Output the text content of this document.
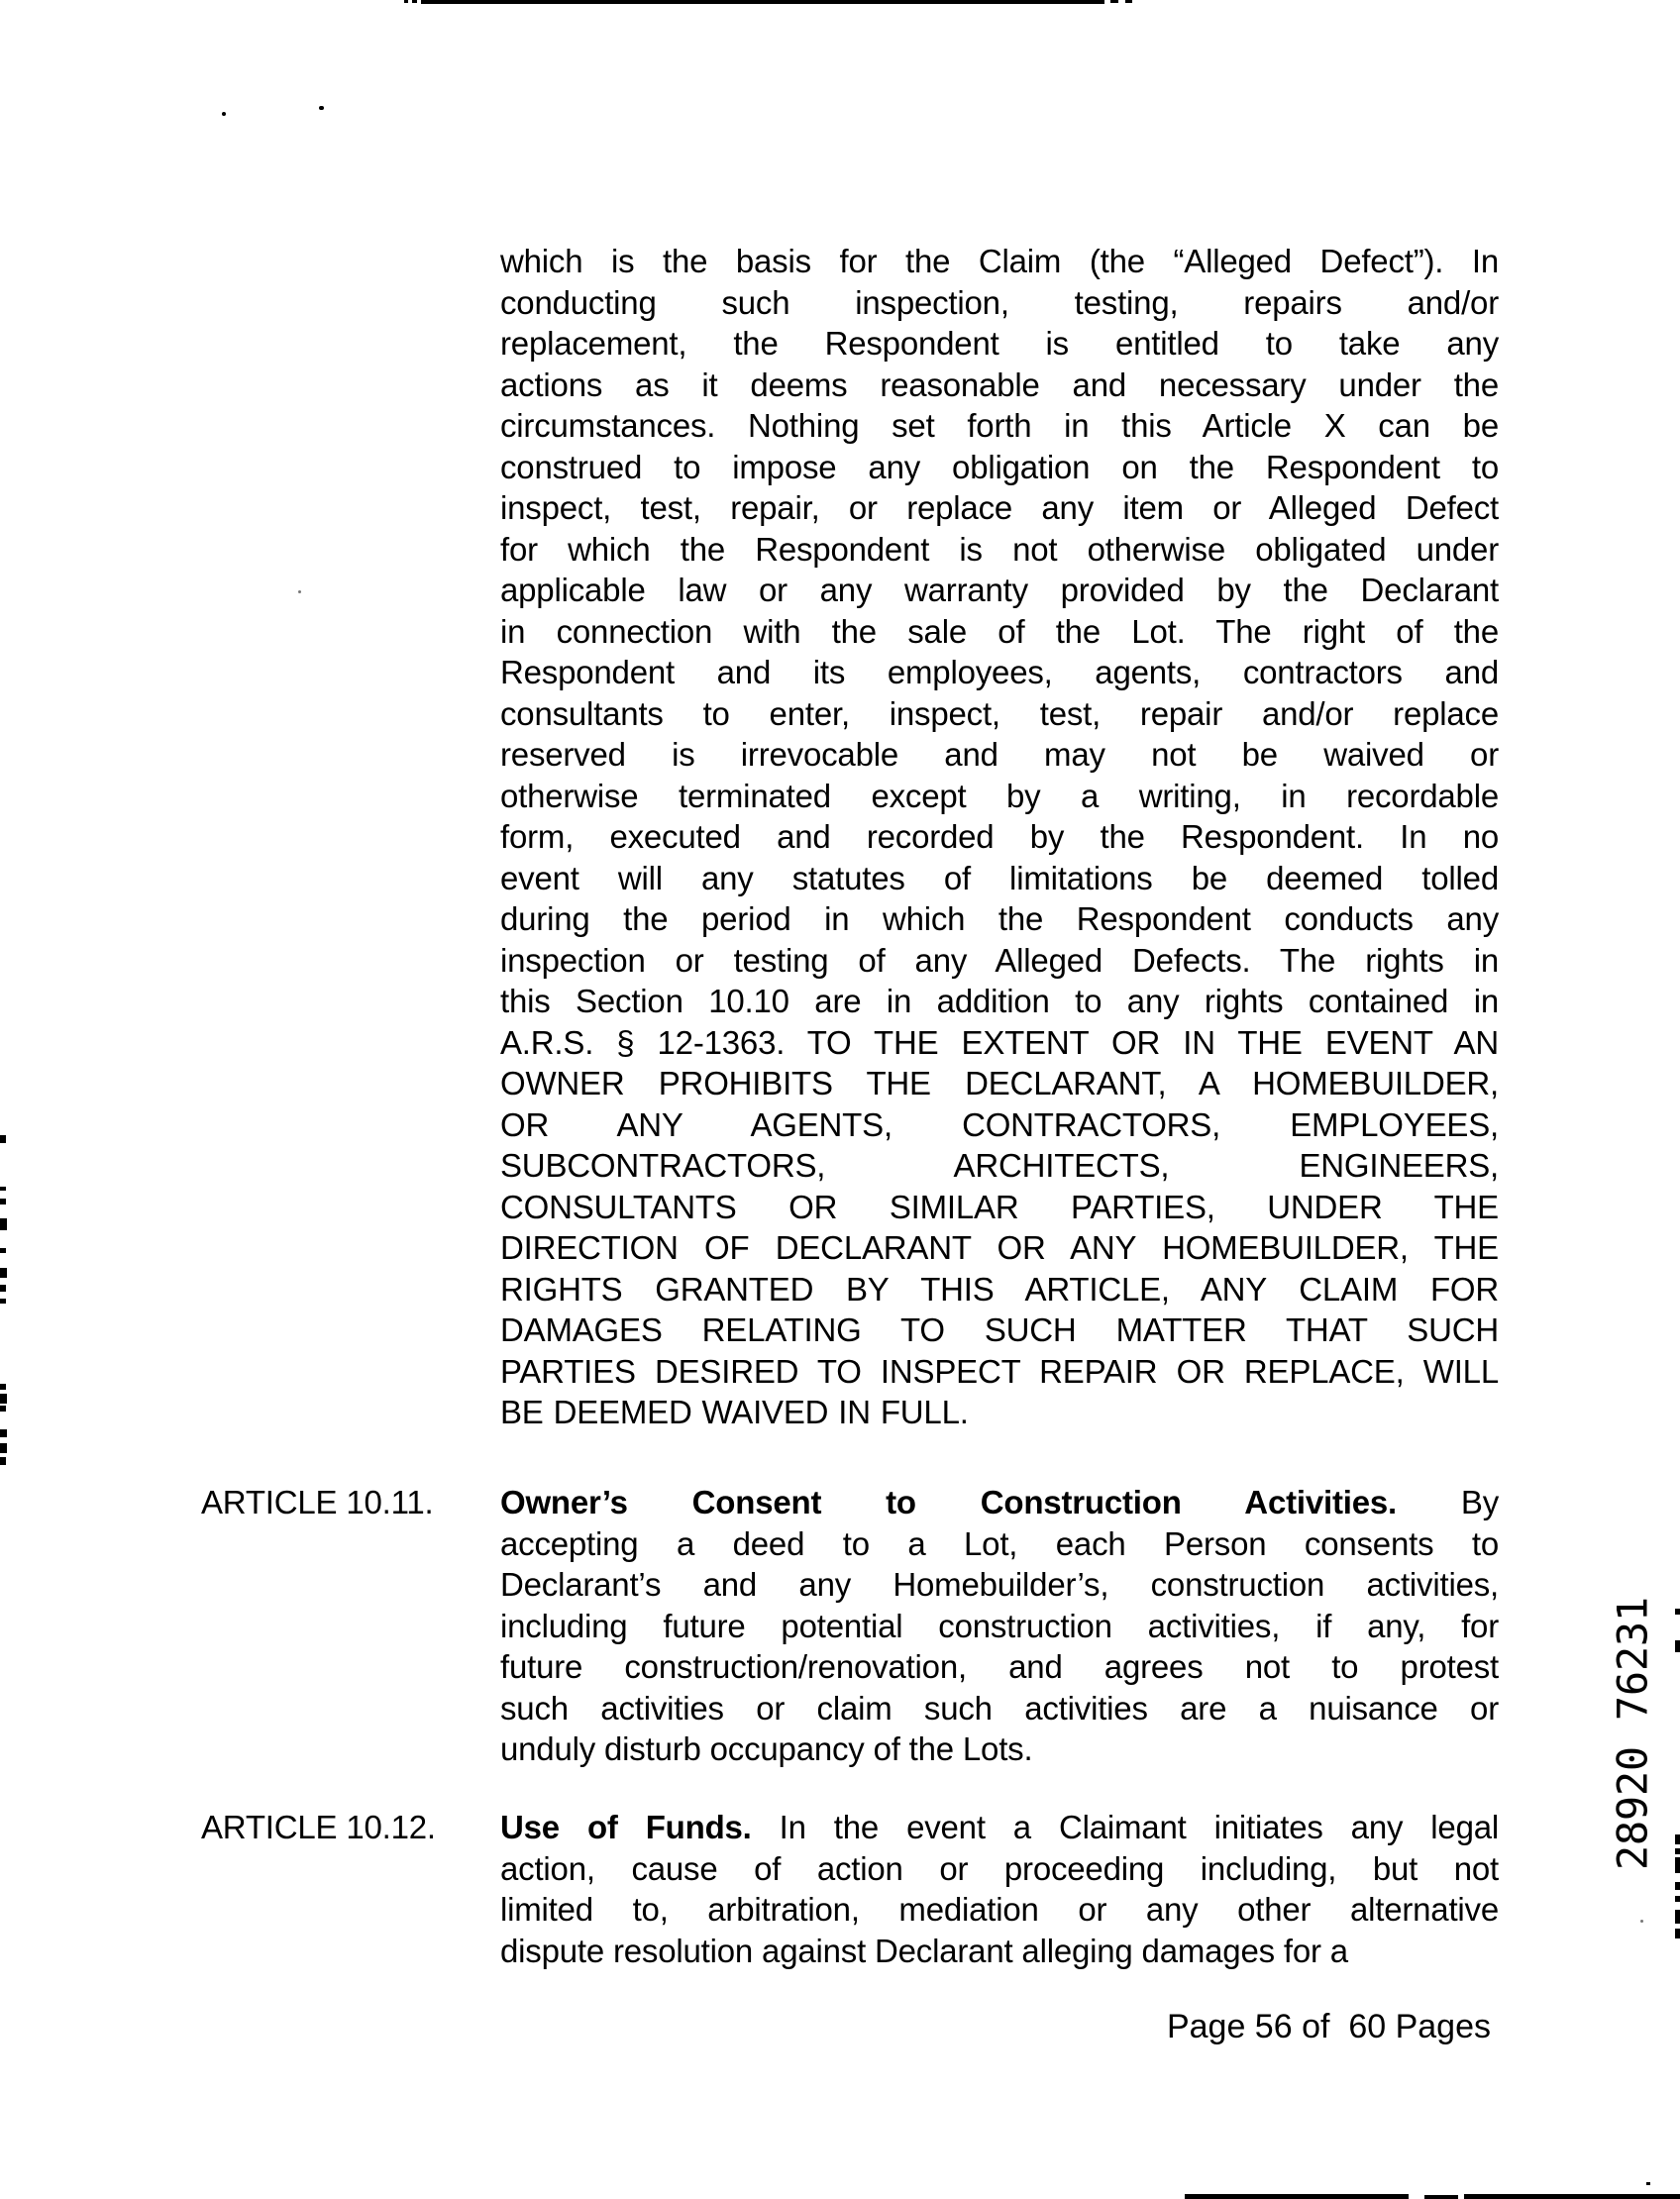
which is the basis for the Claim (the “Alleged Defect”). In
conducting such inspection, testing, repairs and/or
replacement, the Respondent is entitled to take any
actions as it deems reasonable and necessary under the
circumstances. Nothing set forth in this Article X can be
construed to impose any obligation on the Respondent to
inspect, test, repair, or replace any item or Alleged Defect
for which the Respondent is not otherwise obligated under
applicable law or any warranty provided by the Declarant
in connection with the sale of the Lot. The right of the
Respondent and its employees, agents, contractors and
consultants to enter, inspect, test, repair and/or replace
reserved is irrevocable and may not be waived or
otherwise terminated except by a writing, in recordable
form, executed and recorded by the Respondent. In no
event will any statutes of limitations be deemed tolled
during the period in which the Respondent conducts any
inspection or testing of any Alleged Defects. The rights in
this Section 10.10 are in addition to any rights contained in
A.R.S. § 12-1363. TO THE EXTENT OR IN THE EVENT AN
OWNER PROHIBITS THE DECLARANT, A HOMEBUILDER,
OR ANY AGENTS, CONTRACTORS, EMPLOYEES,
SUBCONTRACTORS, ARCHITECTS, ENGINEERS,
CONSULTANTS OR SIMILAR PARTIES, UNDER THE
DIRECTION OF DECLARANT OR ANY HOMEBUILDER, THE
RIGHTS GRANTED BY THIS ARTICLE, ANY CLAIM FOR
DAMAGES RELATING TO SUCH MATTER THAT SUCH
PARTIES DESIRED TO INSPECT REPAIR OR REPLACE, WILL
BE DEEMED WAIVED IN FULL.
ARTICLE 10.11. Owner’s Consent to Construction Activities. By
accepting a deed to a Lot, each Person consents to
Declarant’s and any Homebuilder’s, construction activities,
including future potential construction activities, if any, for
future construction/renovation, and agrees not to protest
such activities or claim such activities are a nuisance or
unduly disturb occupancy of the Lots.
ARTICLE 10.12. Use of Funds. In the event a Claimant initiates any legal
action, cause of action or proceeding including, but not
limited to, arbitration, mediation or any other alternative
dispute resolution against Declarant alleging damages for a
Page 56 of  60 Pages
1
3
2
6
7
0
2
9
8
2
